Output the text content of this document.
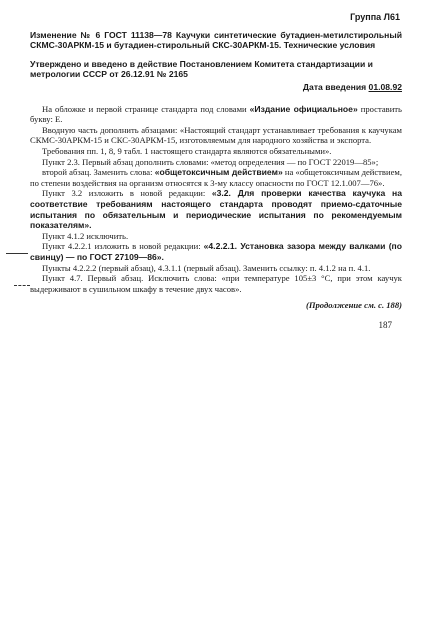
Группа Л61

Изменение № 6 ГОСТ 11138—78 Каучуки синтетические бутадиен-метилстирольный СКМС-30АРКМ-15 и бутадиен-стирольный СКС-30АРКМ-15. Технические условия

Утверждено и введено в действие Постановлением Комитета стандартизации и метрологии СССР от 26.12.91 № 2165

Дата введения 01.08.92

На обложке и первой странице стандарта под словами «Издание официальное» проставить букву: Е.

Вводную часть дополнить абзацами: «Настоящий стандарт устанавливает требования к каучукам СКМС-30АРКМ-15 и СКС-30АРКМ-15, изготовляемым для народного хозяйства и экспорта.

Требования пп. 1, 8, 9 табл. 1 настоящего стандарта являются обязательными».

Пункт 2.3. Первый абзац дополнить словами: «метод определения — по ГОСТ 22019—85»;

второй абзац. Заменить слова: «общетоксичным действием» на «общетоксичным действием, по степени воздействия на организм относятся к 3-му классу опасности по ГОСТ 12.1.007—76».

Пункт 3.2 изложить в новой редакции: «3.2. Для проверки качества каучука на соответствие требованиям настоящего стандарта проводят приемо-сдаточные испытания по обязательным и периодические испытания по рекомендуемым показателям».

Пункт 4.1.2 исключить.

Пункт 4.2.2.1 изложить в новой редакции: «4.2.2.1. Установка зазора между валками (по свинцу) — по ГОСТ 27109—86».

Пункты 4.2.2.2 (первый абзац), 4.3.1.1 (первый абзац). Заменить ссылку: п. 4.1.2 на п. 4.1.

Пункт 4.7. Первый абзац. Исключить слова: «при температуре 105±3 °С, при этом каучук выдерживают в сушильном шкафу в течение двух часов».

(Продолжение см. с. 188)
187
